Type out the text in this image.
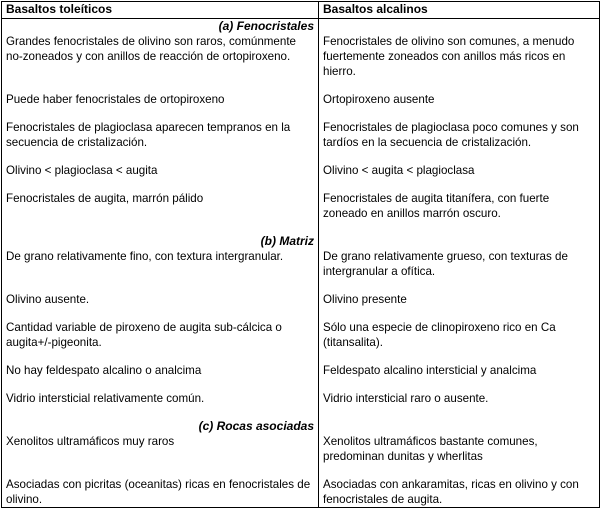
Basaltos toleíticos	Basaltos alcalinos

(a) Fenocristales	

Grandes fenocristales de olivino son raros, comúnmente no-zoneados y con anillos de reacción de ortopiroxeno.	Fenocristales de olivino son comunes, a menudo fuertemente zoneados con anillos más ricos en hierro.

Puede haber fenocristales de ortopiroxeno	Ortopiroxeno ausente

Fenocristales de plagioclasa aparecen tempranos en la secuencia de cristalización.	Fenocristales de plagioclasa poco comunes y son tardíos en la secuencia de cristalización.

Olivino < plagioclasa < augita	Olivino < augita < plagioclasa

Fenocristales de augita, marrón pálido	Fenocristales de augita titanífera, con fuerte zoneado en anillos marrón oscuro.

(b) Matriz	

De grano relativamente fino, con textura intergranular.	De grano relativamente grueso, con texturas de intergranular a ofítica.

Olivino ausente.	Olivino presente

Cantidad variable de piroxeno de augita sub-cálcica o augita+/-pigeonita.	Sólo una especie de clinopiroxeno rico en Ca (titansalita).

No hay feldespato alcalino o analcima	Feldespato alcalino intersticial y analcima

Vidrio intersticial relativamente común.	Vidrio intersticial raro o ausente.

(c) Rocas asociadas	

Xenolitos ultramáficos muy raros	Xenolitos ultramáficos bastante comunes, predominan dunitas y wherlitas

Asociadas con picritas (oceanitas) ricas en fenocristales de olivino.	Asociadas con ankaramitas, ricas en olivino y con fenocristales de augita.
